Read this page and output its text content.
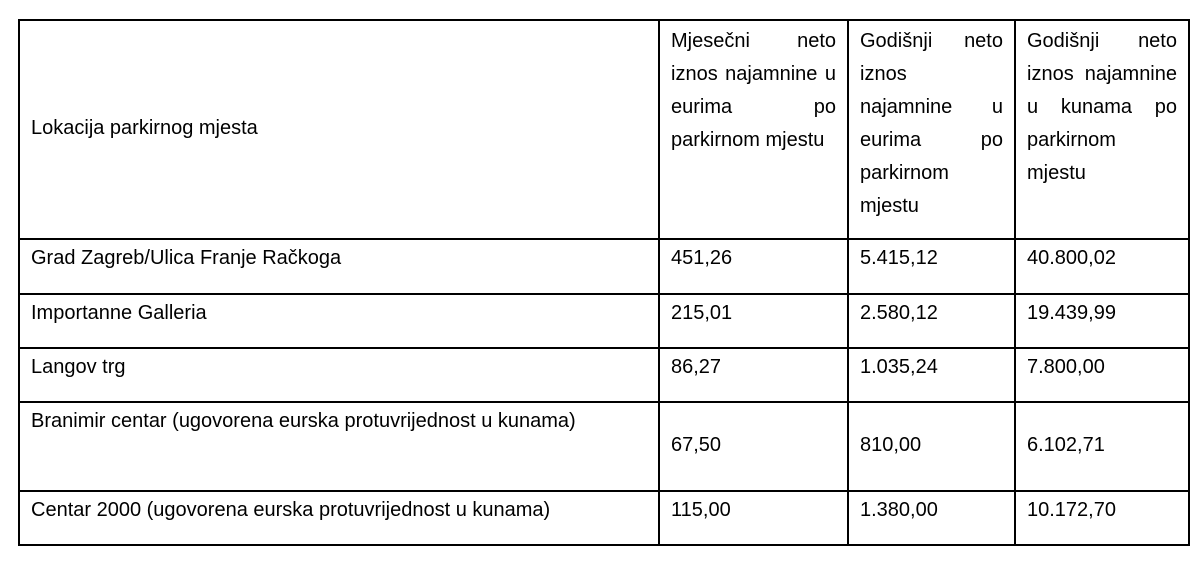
Lokacija parkirnog mjesta	Mjesečni neto iznos najamnine u eurima po parkirnom mjestu	Godišnji neto iznos najamnine u eurima po parkirnom mjestu	Godišnji neto iznos najamnine u kunama po parkirnom mjestu
Grad Zagreb/Ulica Franje Račkoga	451,26	5.415,12	40.800,02
Importanne Galleria	215,01	2.580,12	19.439,99
Langov trg	86,27	1.035,24	7.800,00
Branimir centar (ugovorena eurska protuvrijednost u kunama)	67,50	810,00	6.102,71
Centar 2000 (ugovorena eurska protuvrijednost u kunama)	115,00	1.380,00	10.172,70
